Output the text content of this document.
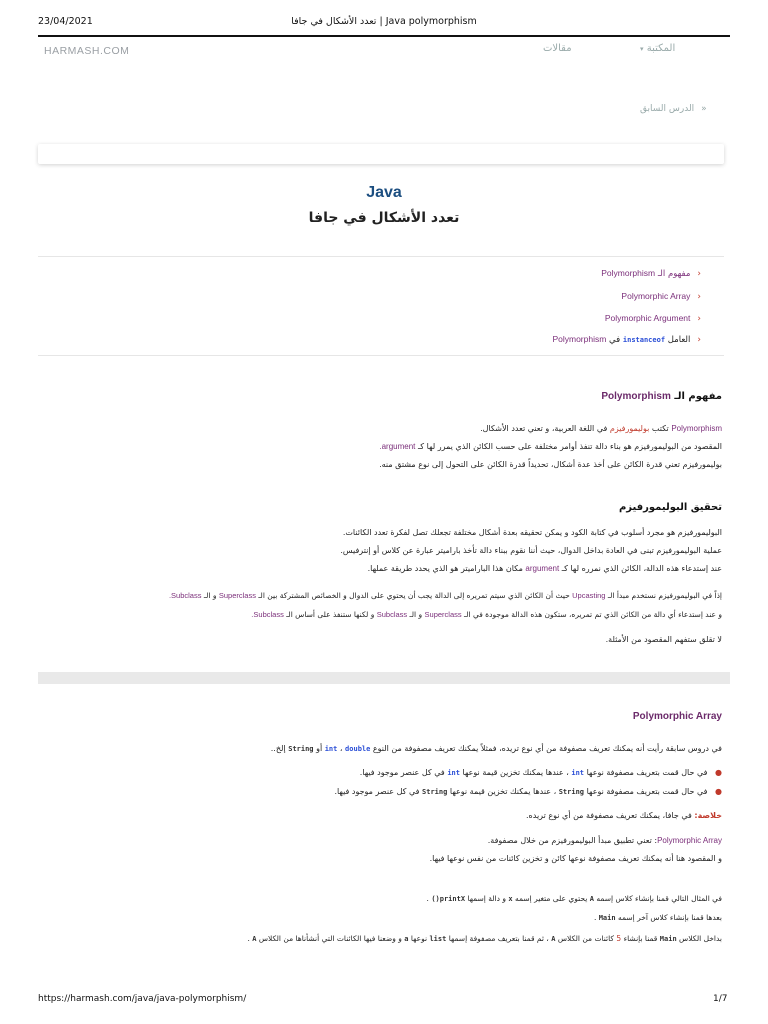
23/04/2021	تعدد الأشكال في جافا | Java polymorphism
HARMASH.COM	مقالات	المكتبة ▾
« الدرس السابق
Java
تعدد الأشكال في جافا
‹مفهوم الـ Polymorphism
‹Polymorphic Array
‹Polymorphic Argument
‹العامل instanceof في Polymorphism
مفهوم الـ Polymorphism
Polymorphism تكتب بوليمورفيزم في اللغة العربية، و تعني تعدد الأشكال.
المقصود من البوليمورفيزم هو بناء دالة تنفذ أوامر مختلفة على حسب الكائن الذي يمرر لها كـ argument.
بوليمورفيزم تعني قدرة الكائن على أخذ عدة أشكال، تحديداً قدرة الكائن على التحول إلى نوع مشتق منه.
تحقيق البوليمورفيزم
البوليمورفيزم هو مجرد أسلوب في كتابة الكود و يمكن تحقيقه بعدة أشكال مختلفة تجعلك تصل لفكرة تعدد الكائنات.
عملية البوليمورفيزم تبنى في العادة بداخل الدوال، حيث أننا نقوم ببناء دالة تأخذ باراميتر عبارة عن كلاس أو إنترفيس.
عند إستدعاء هذه الدالة، الكائن الذي نمرره لها كـ argument مكان هذا الباراميتر هو الذي يحدد طريقة عملها.
إذاً في البوليمورفيزم نستخدم مبدأ الـ Upcasting حيث أن الكائن الذي سيتم تمريره إلى الدالة يجب أن يحتوي على الدوال و الخصائص المشتركة بين الـ Superclass و الـ Subclass.
و عند إستدعاء أي دالة من الكائن الذي تم تمريره، ستكون هذه الدالة موجودة في الـ Superclass و الـ Subclass و لكنها ستنفذ على أساس الـ Subclass.
لا تقلق ستفهم المقصود من الأمثلة.
Polymorphic Array
في دروس سابقة رأيت أنه يمكنك تعريف مصفوفة من أي نوع تريده، فمثلاً يمكنك تعريف مصفوفة من النوع int ، double أو String إلخ..
● في حال قمت بتعريف مصفوفة نوعها int ، عندها يمكنك تخزين قيمة نوعها int في كل عنصر موجود فيها.
● في حال قمت بتعريف مصفوفة نوعها String ، عندها يمكنك تخزين قيمة نوعها String في كل عنصر موجود فيها.
خلاصة: في جافا، يمكنك تعريف مصفوفة من أي نوع تريده.
Polymorphic Array: تعني تطبيق مبدأ البوليمورفيزم من خلال مصفوفة.
و المقصود هنا أنه يمكنك تعريف مصفوفة نوعها كائن و تخزين كائنات من نفس نوعها فيها.
في المثال التالي قمنا بإنشاء كلاس إسمه A يحتوي على متغير إسمه x و دالة إسمها printX() .
بعدها قمنا بإنشاء كلاس آخر إسمه Main .
بداخل الكلاس Main قمنا بإنشاء 5 كائنات من الكلاس A ، ثم قمنا بتعريف مصفوفة إسمها list نوعها a و وضعنا فيها الكائنات التي أنشأناها من الكلاس A .
https://harmash.com/java/java-polymorphism/	1/7
